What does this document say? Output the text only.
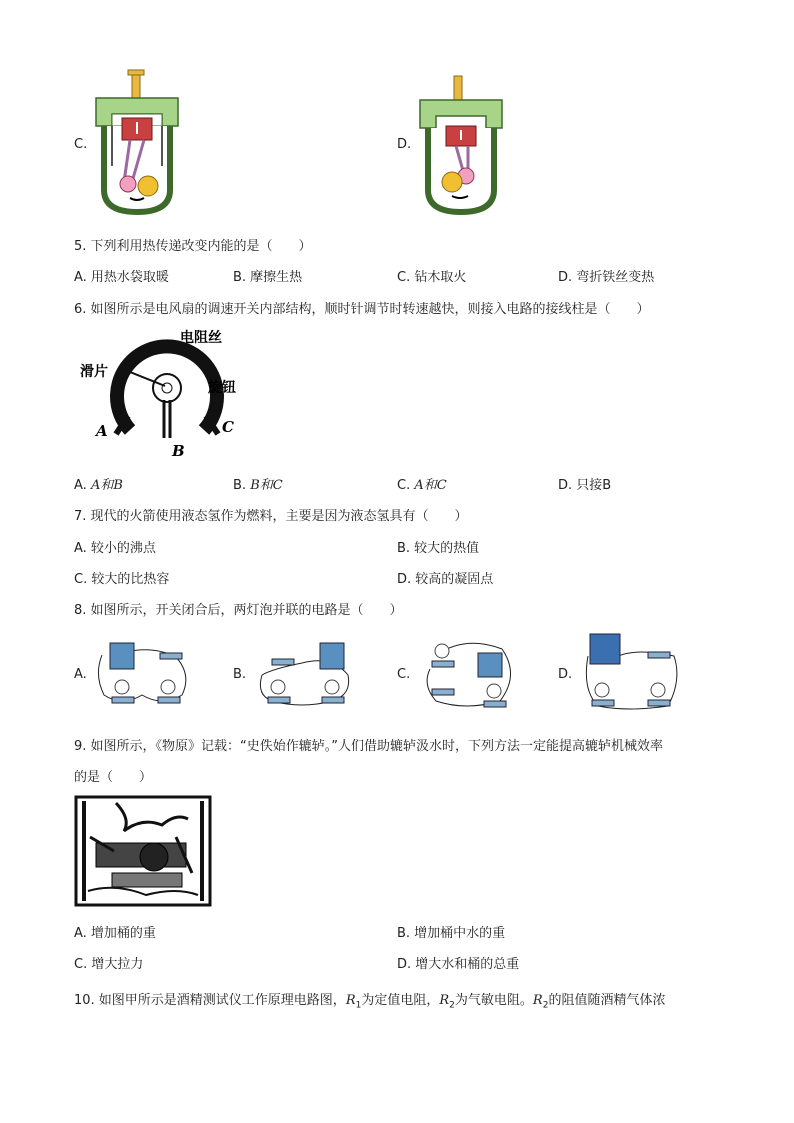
C.	D.
5. 下列利用热传递改变内能的是（　　）
A. 用热水袋取暖	B. 摩擦生热	C. 钻木取火	D. 弯折铁丝变热
6. 如图所示是电风扇的调速开关内部结构，顺时针调节时转速越快，则接入电路的接线柱是（　　）
电阻丝
滑片
旋钮
A
B
C
A. A和B	B. B和C	C. A和C	D. 只接B
7. 现代的火箭使用液态氢作为燃料，主要是因为液态氢具有（　　）
A. 较小的沸点	B. 较大的热值
C. 较大的比热容	D. 较高的凝固点
8. 如图所示，开关闭合后，两灯泡并联的电路是（　　）
A.	B.	C.	D.
9. 如图所示，《物原》记载：“史佚始作辘轳。”人们借助辘轳汲水时，下列方法一定能提高辘轳机械效率
的是（　　）
A. 增加桶的重	B. 增加桶中水的重
C. 增大拉力	D. 增大水和桶的总重
10. 如图甲所示是酒精测试仪工作原理电路图，$R_1$为定值电阻，$R_2$为气敏电阻。$R_2$的阻值随酒精气体浓
